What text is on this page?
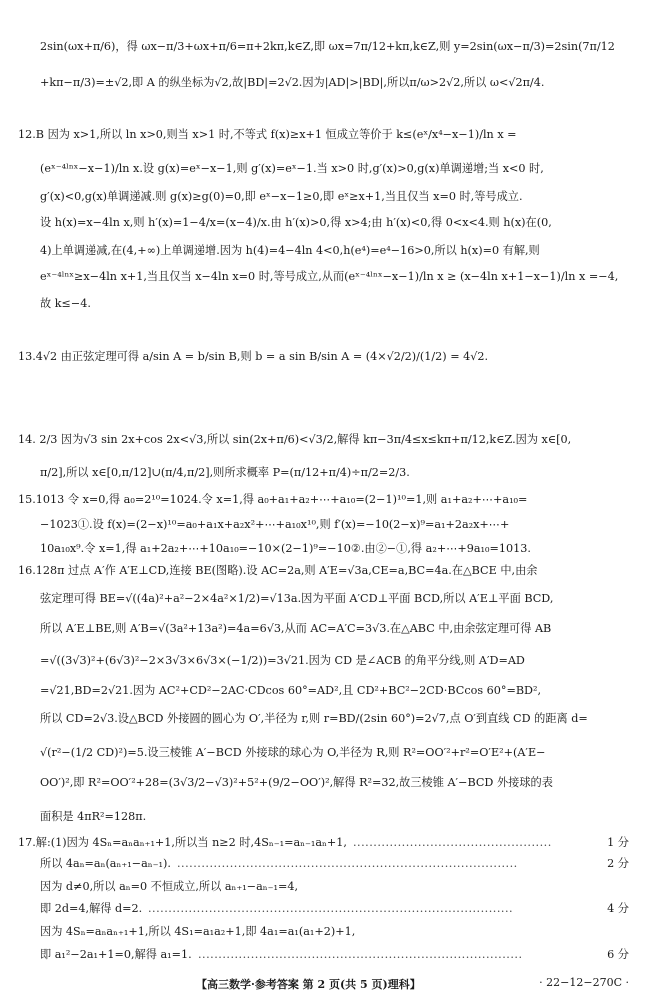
2sin(ωx+π/6)，得 ωx−π/3+ωx+π/6=π+2kπ,k∈Z,即 ωx=7π/12+kπ,k∈Z,则 y=2sin(ωx−π/3)=2sin(7π/12
+kπ−π/3)=±√2,即 A 的纵坐标为√2,故|BD|=2√2.因为|AD|>|BD|,所以π/ω>2√2,所以 ω<√2π/4.
12.B 因为 x>1,所以 ln x>0,则当 x>1 时,不等式 f(x)≥x+1 恒成立等价于 k≤(eˣ/x⁴−x−1)/ln x =
(eˣ⁻⁴ˡⁿˣ−x−1)/ln x.设 g(x)=eˣ−x−1,则 g′(x)=eˣ−1.当 x>0 时,g′(x)>0,g(x)单调递增;当 x<0 时,
g′(x)<0,g(x)单调递减.则 g(x)≥g(0)=0,即 eˣ−x−1≥0,即 eˣ≥x+1,当且仅当 x=0 时,等号成立.
设 h(x)=x−4ln x,则 h′(x)=1−4/x=(x−4)/x.由 h′(x)>0,得 x>4;由 h′(x)<0,得 0<x<4.则 h(x)在(0,
4)上单调递减,在(4,+∞)上单调递增.因为 h(4)=4−4ln 4<0,h(e⁴)=e⁴−16>0,所以 h(x)=0 有解,则
eˣ⁻⁴ˡⁿˣ≥x−4ln x+1,当且仅当 x−4ln x=0 时,等号成立,从而(eˣ⁻⁴ˡⁿˣ−x−1)/ln x ≥ (x−4ln x+1−x−1)/ln x =−4,
故 k≤−4.
13.4√2 由正弦定理可得 a/sin A = b/sin B,则 b = a sin B/sin A = (4×√2/2)/(1/2) = 4√2.
14. 2/3 因为√3 sin 2x+cos 2x<√3,所以 sin(2x+π/6)<√3/2,解得 kπ−3π/4≤x≤kπ+π/12,k∈Z.因为 x∈[0,
π/2],所以 x∈[0,π/12]∪(π/4,π/2],则所求概率 P=(π/12+π/4)÷π/2=2/3.
15.1013 令 x=0,得 a₀=2¹⁰=1024.令 x=1,得 a₀+a₁+a₂+⋯+a₁₀=(2−1)¹⁰=1,则 a₁+a₂+⋯+a₁₀=
−1023①.设 f(x)=(2−x)¹⁰=a₀+a₁x+a₂x²+⋯+a₁₀x¹⁰,则 f′(x)=−10(2−x)⁹=a₁+2a₂x+⋯+
10a₁₀x⁹.令 x=1,得 a₁+2a₂+⋯+10a₁₀=−10×(2−1)⁹=−10②.由②−①,得 a₂+⋯+9a₁₀=1013.
16.128π 过点 A′作 A′E⊥CD,连接 BE(图略).设 AC=2a,则 A′E=√3a,CE=a,BC=4a.在△BCE 中,由余
弦定理可得 BE=√((4a)²+a²−2×4a²×1/2)=√13a.因为平面 A′CD⊥平面 BCD,所以 A′E⊥平面 BCD,
所以 A′E⊥BE,则 A′B=√(3a²+13a²)=4a=6√3,从而 AC=A′C=3√3.在△ABC 中,由余弦定理可得 AB
=√((3√3)²+(6√3)²−2×3√3×6√3×(−1/2))=3√21.因为 CD 是∠ACB 的角平分线,则 A′D=AD
=√21,BD=2√21.因为 AC²+CD²−2AC·CDcos 60°=AD²,且 CD²+BC²−2CD·BCcos 60°=BD²,
所以 CD=2√3.设△BCD 外接圆的圆心为 O′,半径为 r,则 r=BD/(2sin 60°)=2√7,点 O′到直线 CD 的距离 d=
√(r²−(1/2 CD)²)=5.设三棱锥 A′−BCD 外接球的球心为 O,半径为 R,则 R²=OO′²+r²=O′E²+(A′E−
OO′)²,即 R²=OO′²+28=(3√3/2−√3)²+5²+(9/2−OO′)²,解得 R²=32,故三棱锥 A′−BCD 外接球的表
面积是 4πR²=128π.
17.解:(1)因为 4Sₙ=aₙaₙ₊₁+1,所以当 n≥2 时,4Sₙ₋₁=aₙ₋₁aₙ+1,
所以 4aₙ=aₙ(aₙ₊₁−aₙ₋₁).
因为 d≠0,所以 aₙ=0 不恒成立,所以 aₙ₊₁−aₙ₋₁=4,
即 2d=4,解得 d=2.
因为 4Sₙ=aₙaₙ₊₁+1,所以 4S₁=a₁a₂+1,即 4a₁=a₁(a₁+2)+1,
即 a₁²−2a₁+1=0,解得 a₁=1.
.................................................
....................................................................................
..........................................................................................
................................................................................
1 分
2 分
4 分
6 分
【高三数学·参考答案 第 2 页(共 5 页)理科】	· 22−12−270C ·
